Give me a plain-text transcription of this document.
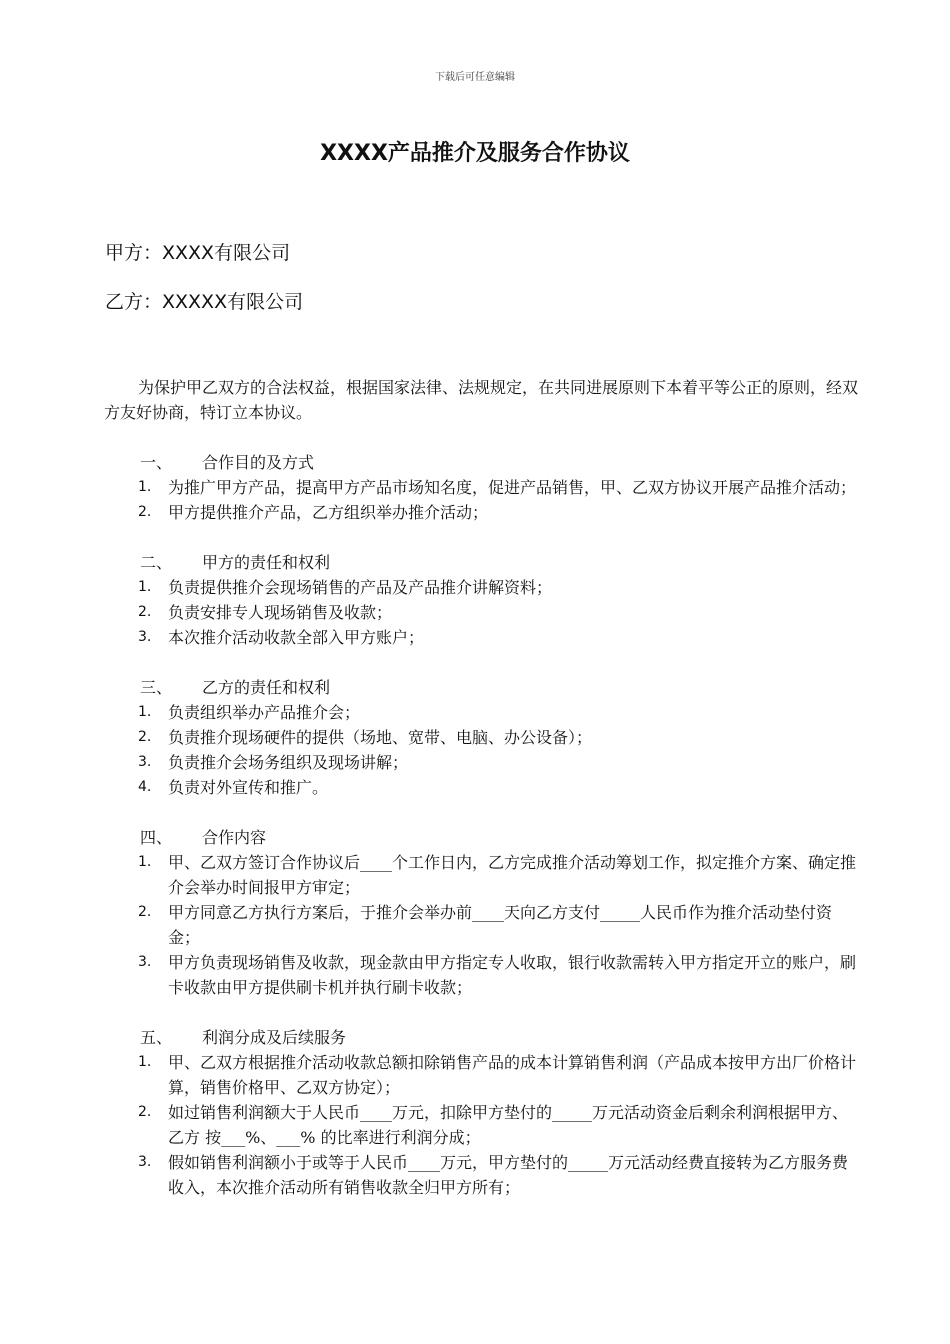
下载后可任意编辑
XXXX产品推介及服务合作协议
甲方：XXXX有限公司
乙方：XXXXX有限公司
为保护甲乙双方的合法权益，根据国家法律、法规规定，在共同进展原则下本着平等公正的原则，经双方友好协商，特订立本协议。
一、	合作目的及方式
1.	为推广甲方产品，提高甲方产品市场知名度，促进产品销售，甲、乙双方协议开展产品推介活动；
2.	甲方提供推介产品，乙方组织举办推介活动；
二、	甲方的责任和权利
1.	负责提供推介会现场销售的产品及产品推介讲解资料；
2.	负责安排专人现场销售及收款；
3.	本次推介活动收款全部入甲方账户；
三、	乙方的责任和权利
1.	负责组织举办产品推介会；
2.	负责推介现场硬件的提供（场地、宽带、电脑、办公设备）；
3.	负责推介会场务组织及现场讲解；
4.	负责对外宣传和推广。
四、	合作内容
1.	甲、乙双方签订合作协议后____个工作日内，乙方完成推介活动筹划工作，拟定推介方案、确定推介会举办时间报甲方审定；
2.	甲方同意乙方执行方案后，于推介会举办前____天向乙方支付_____人民币作为推介活动垫付资金；
3.	甲方负责现场销售及收款，现金款由甲方指定专人收取，银行收款需转入甲方指定开立的账户，刷卡收款由甲方提供刷卡机并执行刷卡收款；
五、	利润分成及后续服务
1.	甲、乙双方根据推介活动收款总额扣除销售产品的成本计算销售利润（产品成本按甲方出厂价格计算，销售价格甲、乙双方协定）；
2.	如过销售利润额大于人民币____万元，扣除甲方垫付的_____万元活动资金后剩余利润根据甲方、乙方 按___%、___% 的比率进行利润分成；
3.	假如销售利润额小于或等于人民币____万元，甲方垫付的_____万元活动经费直接转为乙方服务费收入，本次推介活动所有销售收款全归甲方所有；
